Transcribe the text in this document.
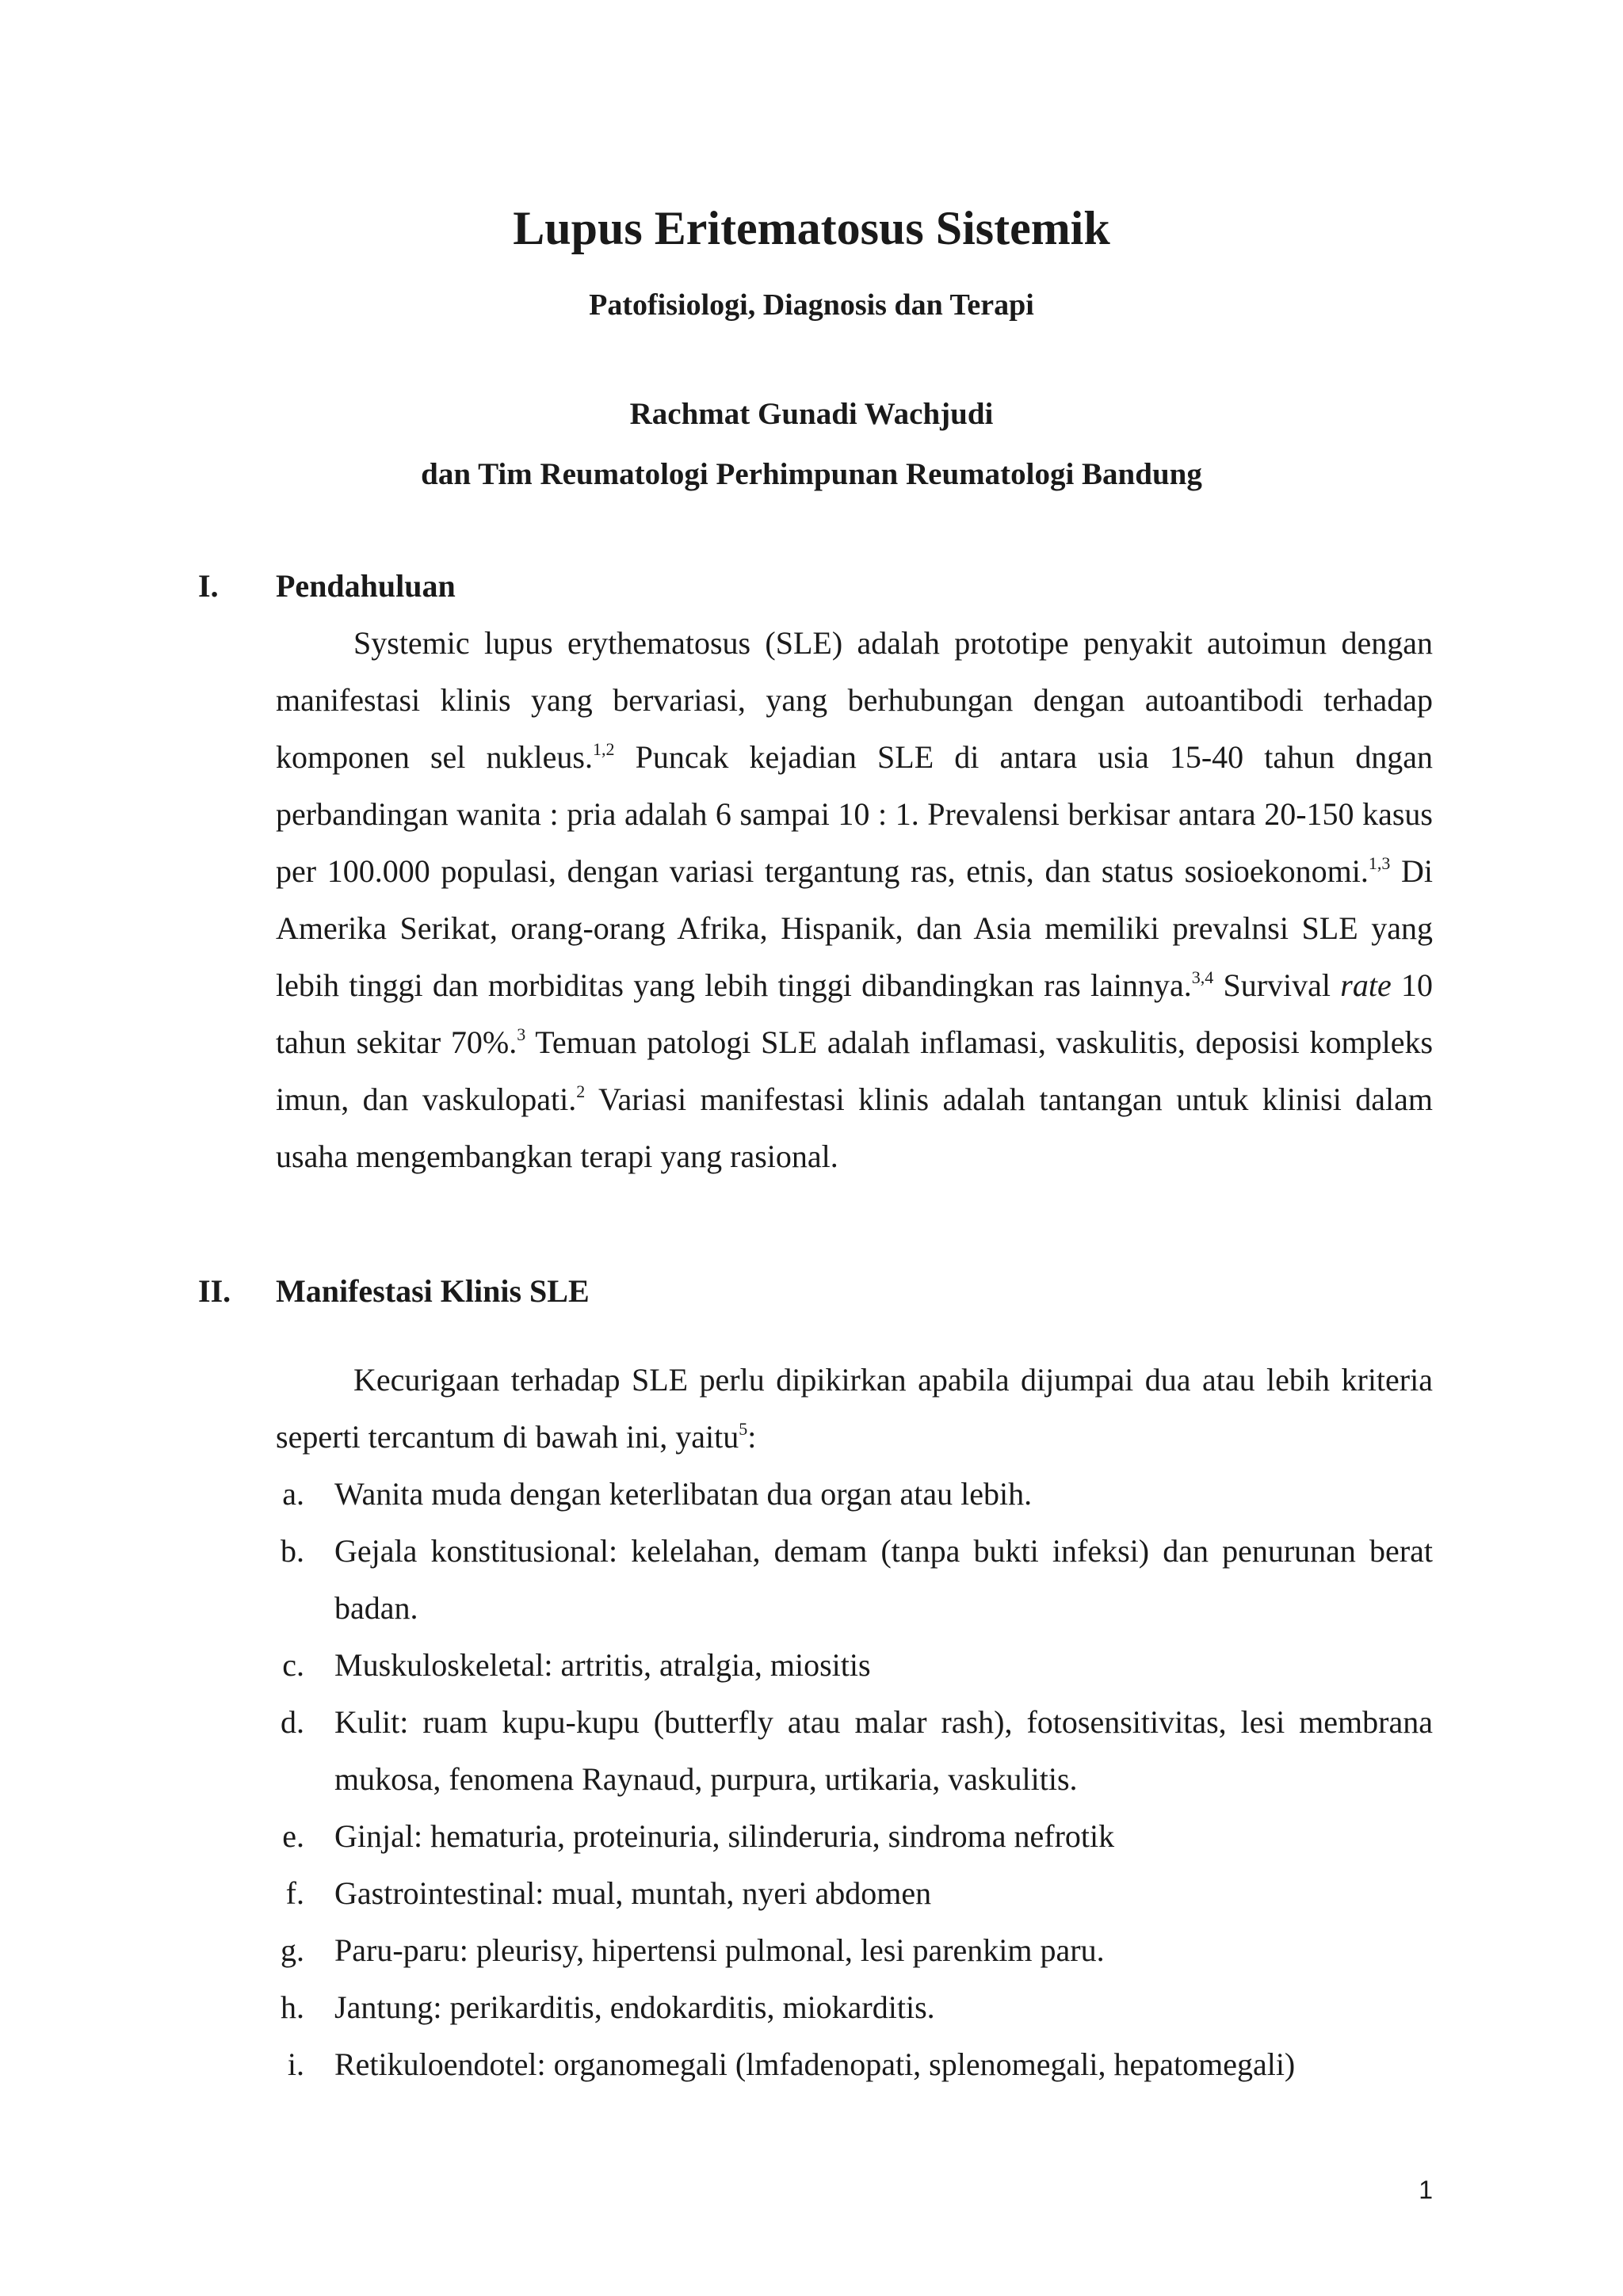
Lupus Eritematosus Sistemik
Patofisiologi, Diagnosis dan Terapi
Rachmat Gunadi Wachjudi
dan Tim Reumatologi Perhimpunan Reumatologi Bandung
I. Pendahuluan

Systemic lupus erythematosus (SLE) adalah prototipe penyakit autoimun dengan manifestasi klinis yang bervariasi, yang berhubungan dengan autoantibodi terhadap komponen sel nukleus.$^{1,2}$ Puncak kejadian SLE di antara usia 15-40 tahun dngan perbandingan wanita : pria adalah 6 sampai 10 : 1. Prevalensi berkisar antara 20-150 kasus per 100.000 populasi, dengan variasi tergantung ras, etnis, dan status sosioekonomi.$^{1,3}$ Di Amerika Serikat, orang-orang Afrika, Hispanik, dan Asia memiliki prevalnsi SLE yang lebih tinggi dan morbiditas yang lebih tinggi dibandingkan ras lainnya.$^{3,4}$ Survival rate 10 tahun sekitar 70%.$^3$ Temuan patologi SLE adalah inflamasi, vaskulitis, deposisi kompleks imun, dan vaskulopati.$^2$ Variasi manifestasi klinis adalah tantangan untuk klinisi dalam usaha mengembangkan terapi yang rasional.

II. Manifestasi Klinis SLE

Kecurigaan terhadap SLE perlu dipikirkan apabila dijumpai dua atau lebih kriteria seperti tercantum di bawah ini, yaitu$^5$:

a. Wanita muda dengan keterlibatan dua organ atau lebih.
b. Gejala konstitusional: kelelahan, demam (tanpa bukti infeksi) dan penurunan berat badan.
c. Muskuloskeletal: artritis, atralgia, miositis
d. Kulit: ruam kupu-kupu (butterfly atau malar rash), fotosensitivitas, lesi membrana mukosa, fenomena Raynaud, purpura, urtikaria, vaskulitis.
e. Ginjal: hematuria, proteinuria, silinderuria, sindroma nefrotik
f. Gastrointestinal: mual, muntah, nyeri abdomen
g. Paru-paru: pleurisy, hipertensi pulmonal, lesi parenkim paru.
h. Jantung: perikarditis, endokarditis, miokarditis.
i. Retikuloendotel: organomegali (lmfadenopati, splenomegali, hepatomegali)
1
